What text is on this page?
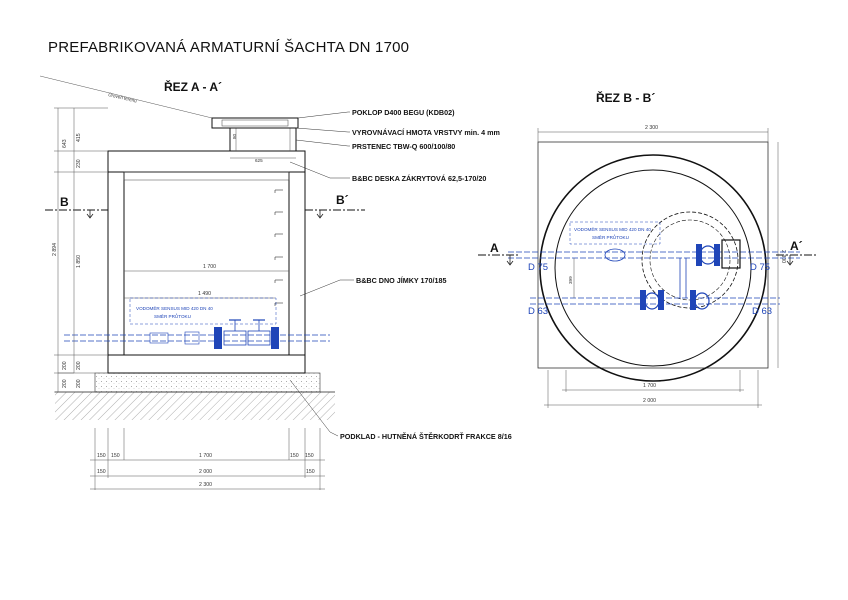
PREFABRIKOVANÁ ARMATURNÍ ŠACHTA DN 1700
ŘEZ A - A´
Úroveň terénu
1 700
1 490
VODOMĚR SENSUS MID 420 DN 40
SMĚR PRŮTOKU
B	B´
643
415
230
2 894
1 850
200 200
200 200
80
625
150 150	1 700	150 150
150	2 000	150
2 300
POKLOP D400 BEGU (KDB02)
VYROVNÁVACÍ HMOTA VRSTVY min. 4 mm
PRSTENEC TBW-Q 600/100/80
B&BC DESKA ZÁKRYTOVÁ 62,5-170/20
B&BC DNO JÍMKY 170/185
PODKLAD - HUTNĚNÁ ŠTĚRKODRŤ FRAKCE 8/16
ŘEZ B - B´
2 300
2 300
VODOMĚR SENSUS MID 420 DN 40
SMĚR PRŮTOKU
D 75	D 75
D 63	D 63
399
A	A´
1 700
2 000
